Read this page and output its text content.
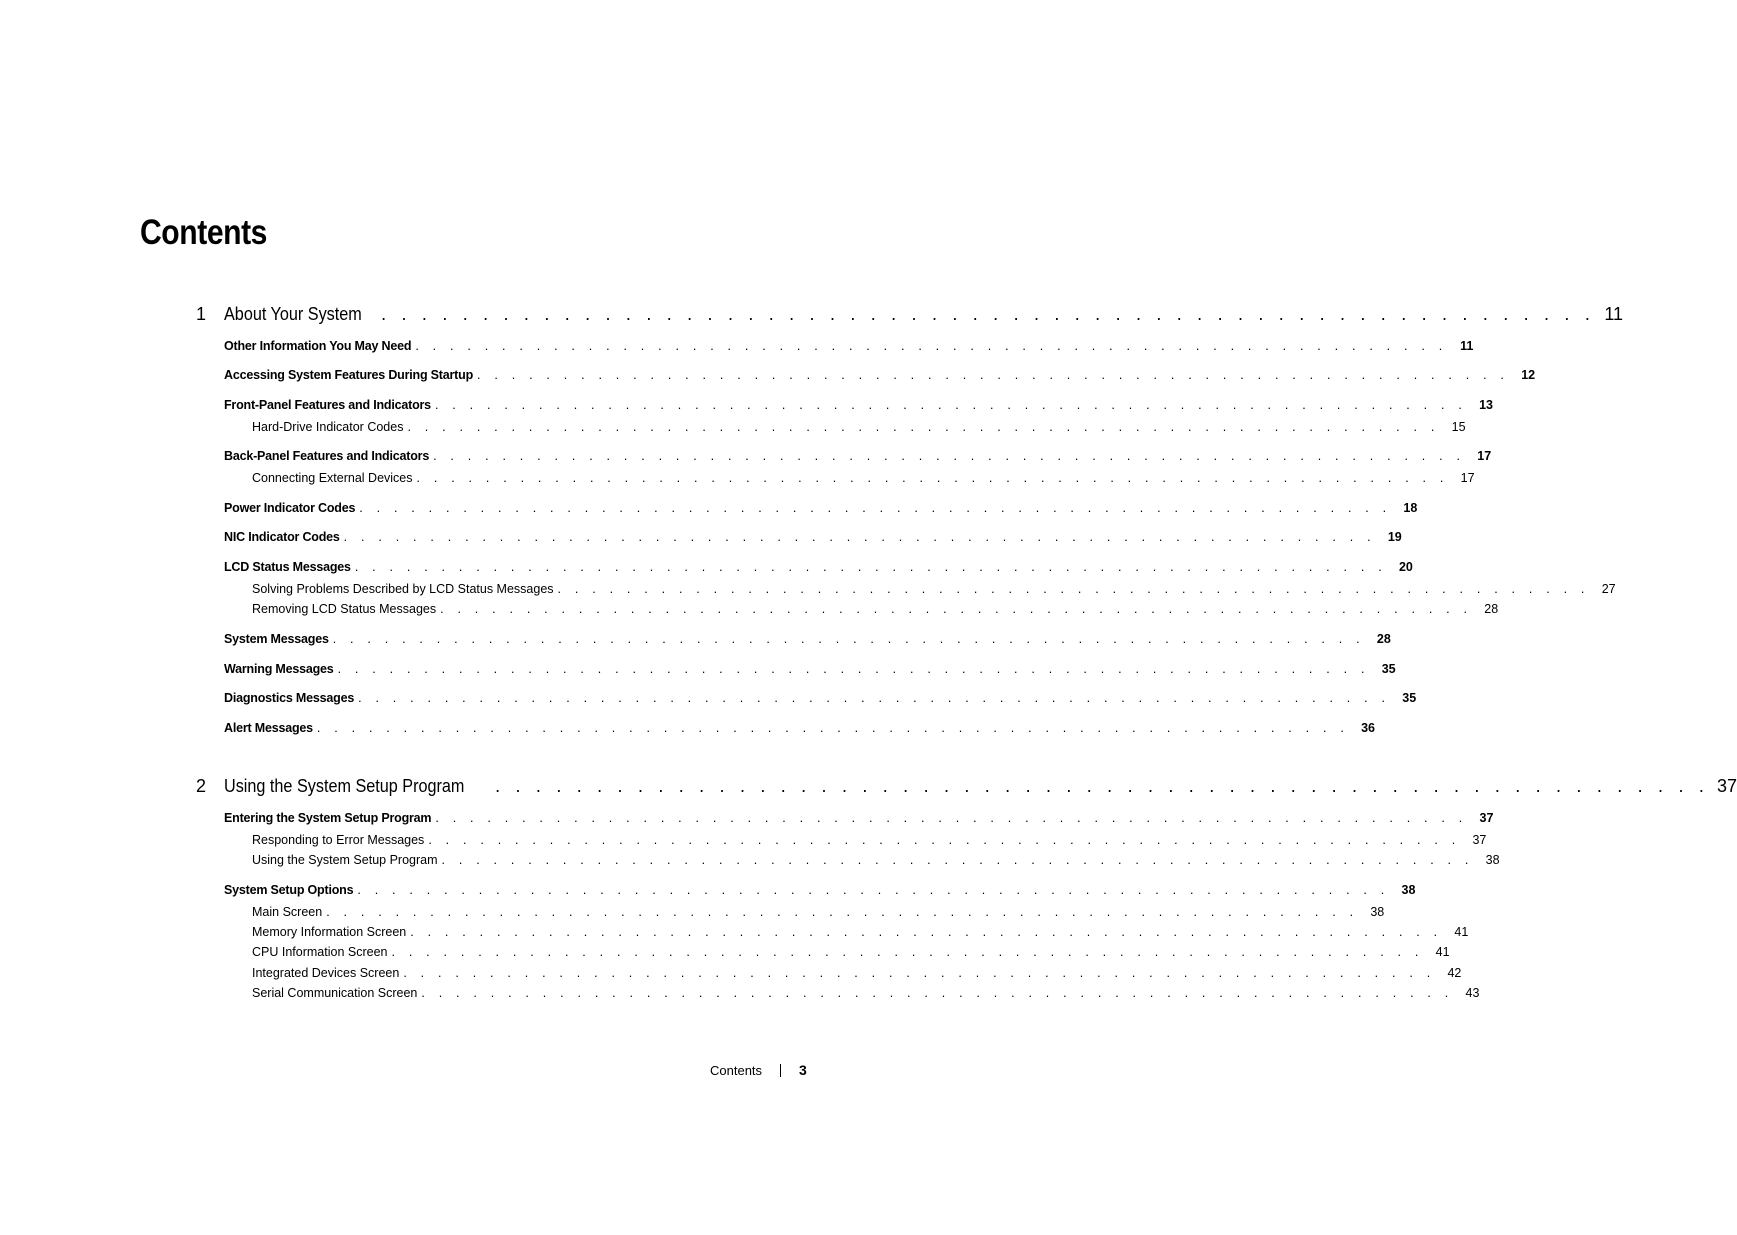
Contents
1 About Your System . . . . . . . . . . . . . . . . . . . . . . . . . . . . . . . . . . . . . . . . . . . . . . . . . . . . . . . . . . . . 11
Other Information You May Need . . . . . . . . . . . . . . . . . . . . . . . . . . . . . . . . . . . . . . . . . . . . . . . . . . . . . . . . . . . .	11
Accessing System Features During Startup . . . . . . . . . . . . . . . . . . . . . . . . . . . . . . . . . . . . . . . . . . . . . . . . . . . . . . . . . . . . 12
Front-Panel Features and Indicators . . . . . . . . . . . . . . . . . . . . . . . . . . . . . . . . . . . . . . . . . . . . . . . . . . . . . . . . . . . . 13
Hard-Drive Indicator Codes . . . . . . . . . . . . . . . . . . . . . . . . . . . . . . . . . . . . . . . . . . . . . . . . . . . . . . . . . . . . 15
Back-Panel Features and Indicators . . . . . . . . . . . . . . . . . . . . . . . . . . . . . . . . . . . . . . . . . . . . . . . . . . . . . . . . . . . . 17
Connecting External Devices . . . . . . . . . . . . . . . . . . . . . . . . . . . . . . . . . . . . . . . . . . . . . . . . . . . . . . . . . . . . 17
Power Indicator Codes . . . . . . . . . . . . . . . . . . . . . . . . . . . . . . . . . . . . . . . . . . . . . . . . . . . . . . . . . . . . 18
NIC Indicator Codes . . . . . . . . . . . . . . . . . . . . . . . . . . . . . . . . . . . . . . . . . . . . . . . . . . . . . . . . . . . . 19
LCD Status Messages . . . . . . . . . . . . . . . . . . . . . . . . . . . . . . . . . . . . . . . . . . . . . . . . . . . . . . . . . . . . 20
Solving Problems Described by LCD Status Messages . . . . . . . . . . . . . . . . . . . . . . . . . . . . . . . . . . . . . . . . . . . . . . . . . . . . . . . . . . . . 27
Removing LCD Status Messages . . . . . . . . . . . . . . . . . . . . . . . . . . . . . . . . . . . . . . . . . . . . . . . . . . . . . . . . . . . . 28
System Messages . . . . . . . . . . . . . . . . . . . . . . . . . . . . . . . . . . . . . . . . . . . . . . . . . . . . . . . . . . . . 28
Warning Messages . . . . . . . . . . . . . . . . . . . . . . . . . . . . . . . . . . . . . . . . . . . . . . . . . . . . . . . . . . . . 35
Diagnostics Messages . . . . . . . . . . . . . . . . . . . . . . . . . . . . . . . . . . . . . . . . . . . . . . . . . . . . . . . . . . . . 35
Alert Messages . . . . . . . . . . . . . . . . . . . . . . . . . . . . . . . . . . . . . . . . . . . . . . . . . . . . . . . . . . . . 36
2 Using the System Setup Program . . . . . . . . . . . . . . . . . . . . . . . . . . . . . . . . . . . . . . . . . . . . . . . . . . . . . . . . . . . . 37
Entering the System Setup Program . . . . . . . . . . . . . . . . . . . . . . . . . . . . . . . . . . . . . . . . . . . . . . . . . . . . . . . . . . . . 37
Responding to Error Messages . . . . . . . . . . . . . . . . . . . . . . . . . . . . . . . . . . . . . . . . . . . . . . . . . . . . . . . . . . . . 37
Using the System Setup Program . . . . . . . . . . . . . . . . . . . . . . . . . . . . . . . . . . . . . . . . . . . . . . . . . . . . . . . . . . . . 38
System Setup Options . . . . . . . . . . . . . . . . . . . . . . . . . . . . . . . . . . . . . . . . . . . . . . . . . . . . . . . . . . . . 38
Main Screen . . . . . . . . . . . . . . . . . . . . . . . . . . . . . . . . . . . . . . . . . . . . . . . . . . . . . . . . . . . . 38
Memory Information Screen . . . . . . . . . . . . . . . . . . . . . . . . . . . . . . . . . . . . . . . . . . . . . . . . . . . . . . . . . . . . 41
CPU Information Screen . . . . . . . . . . . . . . . . . . . . . . . . . . . . . . . . . . . . . . . . . . . . . . . . . . . . . . . . . . . . 41
Integrated Devices Screen . . . . . . . . . . . . . . . . . . . . . . . . . . . . . . . . . . . . . . . . . . . . . . . . . . . . . . . . . . . . 42
Serial Communication Screen . . . . . . . . . . . . . . . . . . . . . . . . . . . . . . . . . . . . . . . . . . . . . . . . . . . . . . . . . . . . 43
Contents	3
